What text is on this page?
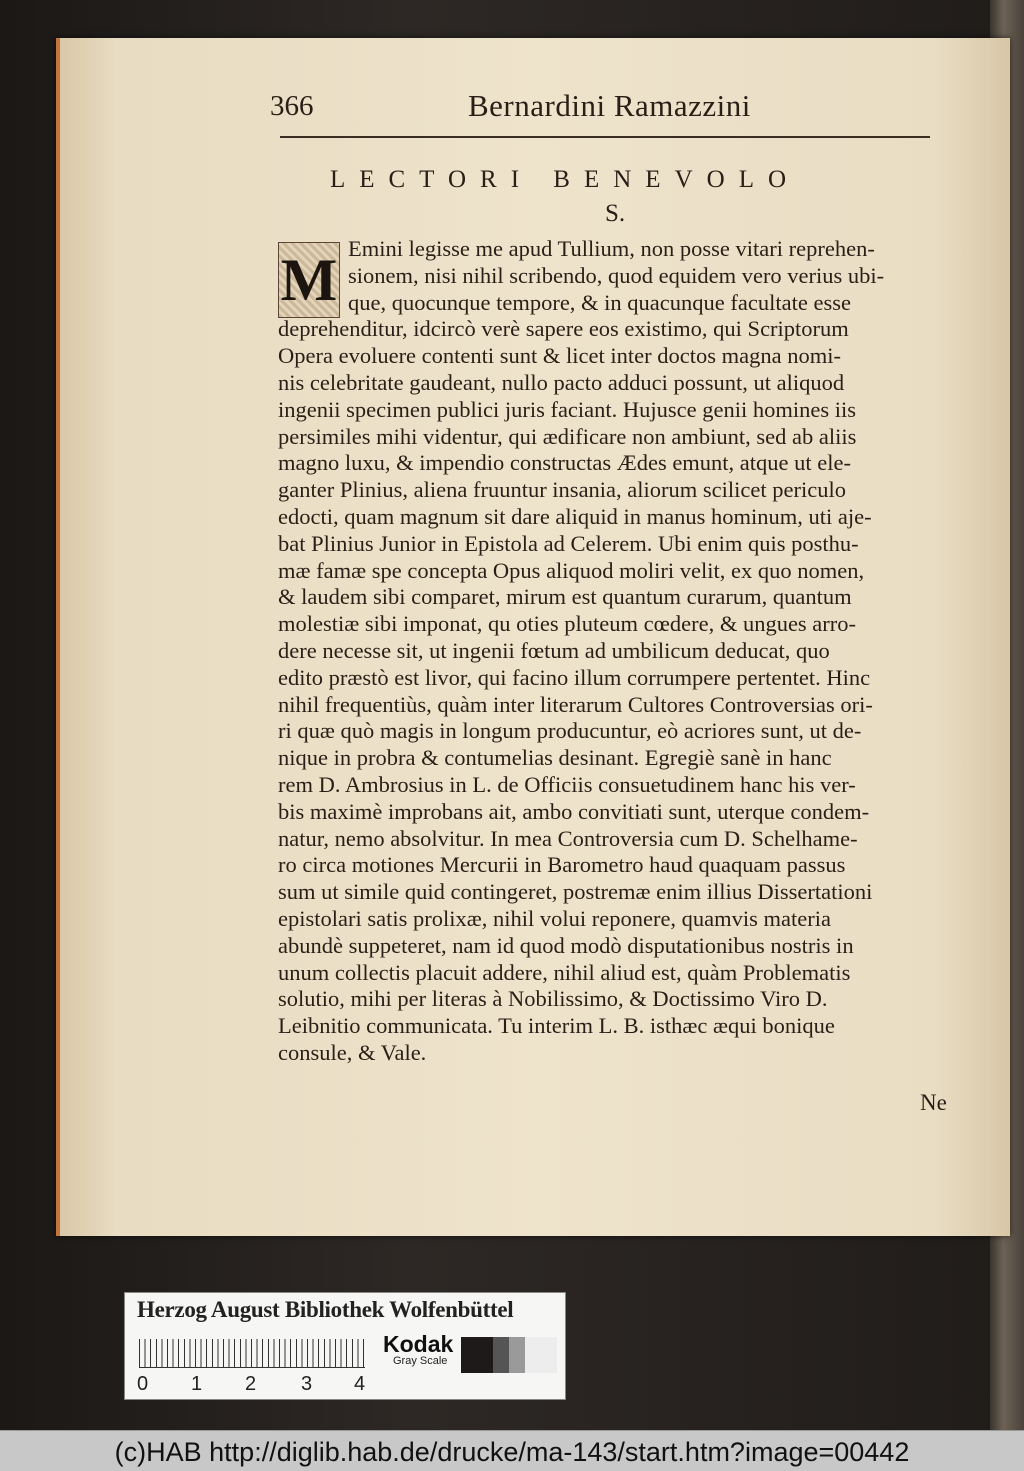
366	Bernardini Ramazzini
LECTORI BENEVOLO
S.
M Emini legisse me apud Tullium, non posse vitari reprehen-
sionem, nisi nihil scribendo, quod equidem vero verius ubi-
que, quocunque tempore, & in quacunque facultate esse
deprehenditur, idcircò verè sapere eos existimo, qui Scriptorum
Opera evoluere contenti sunt & licet inter doctos magna nomi-
nis celebritate gaudeant, nullo pacto adduci possunt, ut aliquod
ingenii specimen publici juris faciant. Hujusce genii homines iis
persimiles mihi videntur, qui ædificare non ambiunt, sed ab aliis
magno luxu, & impendio constructas Ædes emunt, atque ut ele-
ganter Plinius, aliena fruuntur insania, aliorum scilicet periculo
edocti, quam magnum sit dare aliquid in manus hominum, uti aje-
bat Plinius Junior in Epistola ad Celerem. Ubi enim quis posthu-
mæ famæ spe concepta Opus aliquod moliri velit, ex quo nomen,
& laudem sibi comparet, mirum est quantum curarum, quantum
molestiæ sibi imponat, qu oties pluteum cœdere, & ungues arro-
dere necesse sit, ut ingenii fœtum ad umbilicum deducat, quo
edito præstò est livor, qui facino illum corrumpere pertentet. Hinc
nihil frequentiùs, quàm inter literarum Cultores Controversias ori-
ri quæ quò magis in longum producuntur, eò acriores sunt, ut de-
nique in probra & contumelias desinant. Egregiè sanè in hanc
rem D. Ambrosius in L. de Officiis consuetudinem hanc his ver-
bis maximè improbans ait, ambo convitiati sunt, uterque condem-
natur, nemo absolvitur. In mea Controversia cum D. Schelhame-
ro circa motiones Mercurii in Barometro haud quaquam passus
sum ut simile quid contingeret, postremæ enim illius Dissertationi
epistolari satis prolixæ, nihil volui reponere, quamvis materia
abundè suppeteret, nam id quod modò disputationibus nostris in
unum collectis placuit addere, nihil aliud est, quàm Problematis
solutio, mihi per literas à Nobilissimo, & Doctissimo Viro D.
Leibnitio communicata. Tu interim L. B. isthæc æqui bonique
consule, & Vale.
Ne
Herzog August Bibliothek Wolfenbüttel
0 1 2 3 4
Kodak
Gray Scale
(c)HAB http://diglib.hab.de/drucke/ma-143/start.htm?image=00442
